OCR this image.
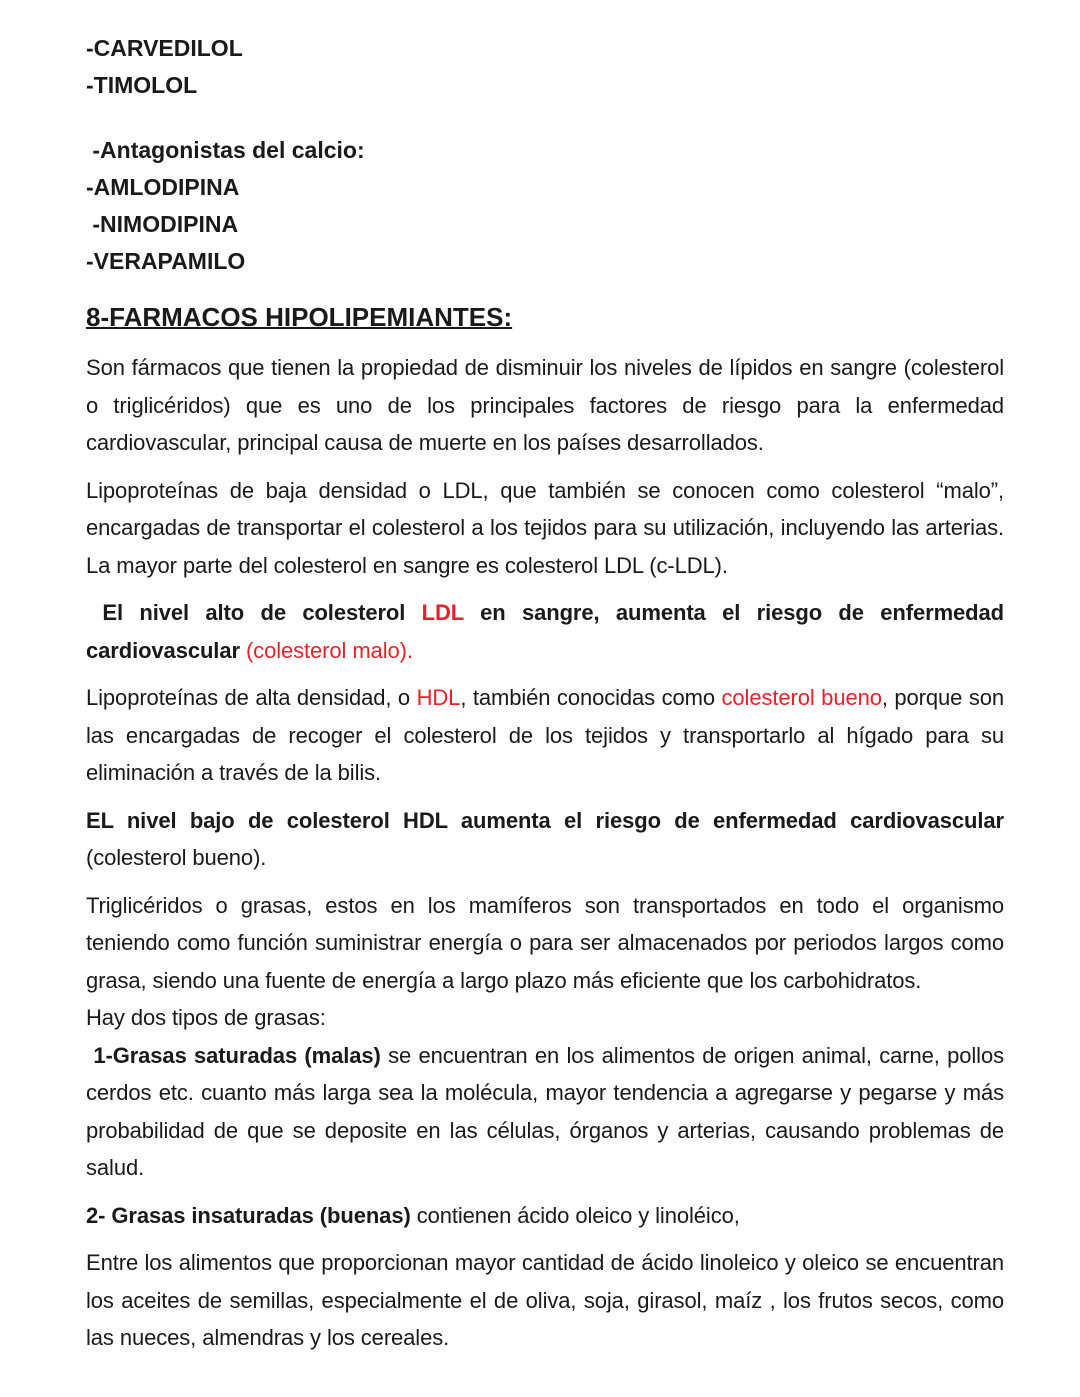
-CARVEDILOL
-TIMOLOL
-Antagonistas del calcio:
-AMLODIPINA
-NIMODIPINA
-VERAPAMILO
8-FARMACOS HIPOLIPEMIANTES:
Son fármacos que tienen la propiedad de disminuir los niveles de lípidos en sangre (colesterol o triglicéridos) que es uno de los principales factores de riesgo para la enfermedad cardiovascular, principal causa de muerte en los países desarrollados.
Lipoproteínas de baja densidad o LDL, que también se conocen como colesterol “malo”, encargadas de transportar el colesterol a los tejidos para su utilización, incluyendo las arterias. La mayor parte del colesterol en sangre es colesterol LDL (c-LDL).
El nivel alto de colesterol LDL en sangre, aumenta el riesgo de enfermedad cardiovascular (colesterol malo).
Lipoproteínas de alta densidad, o HDL, también conocidas como colesterol bueno, porque son las encargadas de recoger el colesterol de los tejidos y transportarlo al hígado para su eliminación a través de la bilis.
EL nivel bajo de colesterol HDL aumenta el riesgo de enfermedad cardiovascular (colesterol bueno).
Triglicéridos o grasas, estos en los mamíferos son transportados en todo el organismo teniendo como función suministrar energía o para ser almacenados por periodos largos como grasa, siendo una fuente de energía a largo plazo más eficiente que los carbohidratos.
Hay dos tipos de grasas:
1-Grasas saturadas (malas) se encuentran en los alimentos de origen animal, carne, pollos cerdos etc. cuanto más larga sea la molécula, mayor tendencia a agregarse y pegarse y más probabilidad de que se deposite en las células, órganos y arterias, causando problemas de salud.
2- Grasas insaturadas (buenas) contienen ácido oleico y linoléico,
Entre los alimentos que proporcionan mayor cantidad de ácido linoleico y oleico se encuentran los aceites de semillas, especialmente el de oliva, soja, girasol, maíz , los frutos secos, como las nueces, almendras y los cereales.
